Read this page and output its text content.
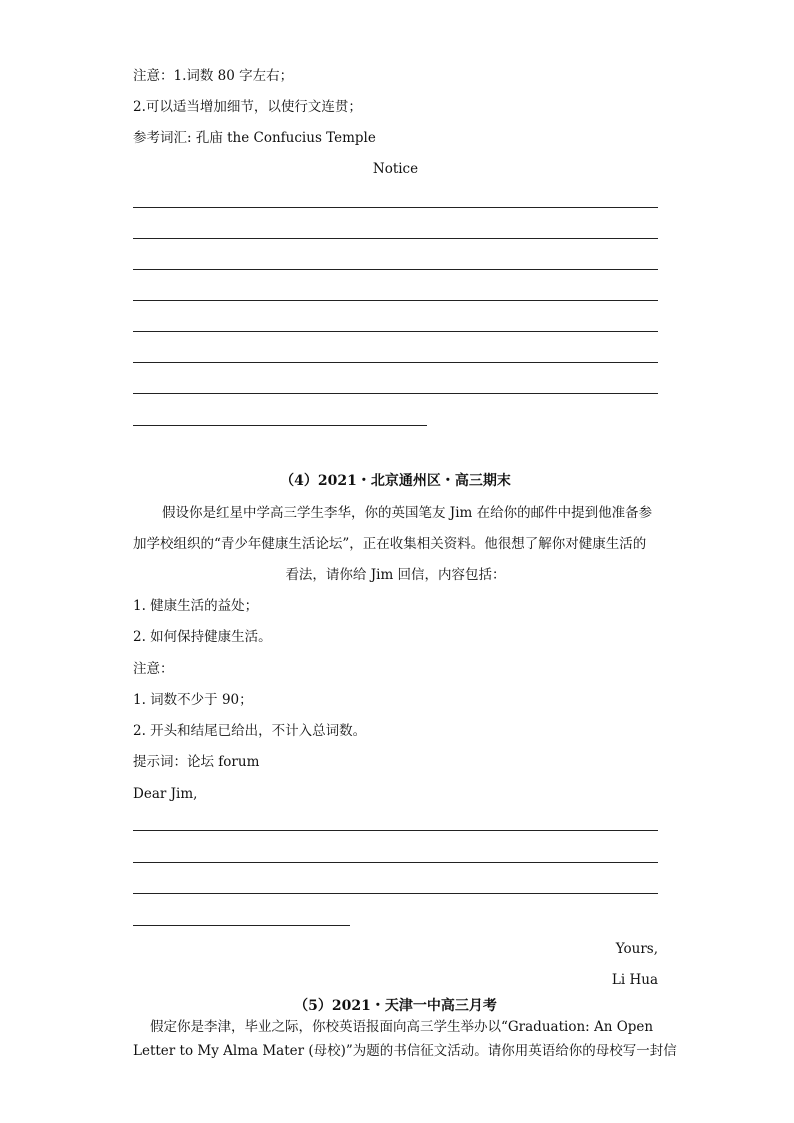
注意：1.词数 80 字左右；
2.可以适当增加细节，以使行文连贯；
参考词汇: 孔庙 the Confucius Temple
Notice
（4）2021・北京通州区・高三期末
假设你是红星中学高三学生李华，你的英国笔友 Jim 在给你的邮件中提到他准备参
加学校组织的“青少年健康生活论坛”，正在收集相关资料。他很想了解你对健康生活的
看法，请你给 Jim 回信，内容包括：
1. 健康生活的益处；
2. 如何保持健康生活。
注意：
1. 词数不少于 90；
2. 开头和结尾已给出，不计入总词数。
提示词：论坛 forum
Dear Jim,
Yours,
Li Hua
（5）2021・天津一中高三月考
假定你是李津，毕业之际，你校英语报面向高三学生举办以“Graduation: An Open
Letter to My Alma Mater (母校)”为题的书信征文活动。请你用英语给你的母校写一封信
